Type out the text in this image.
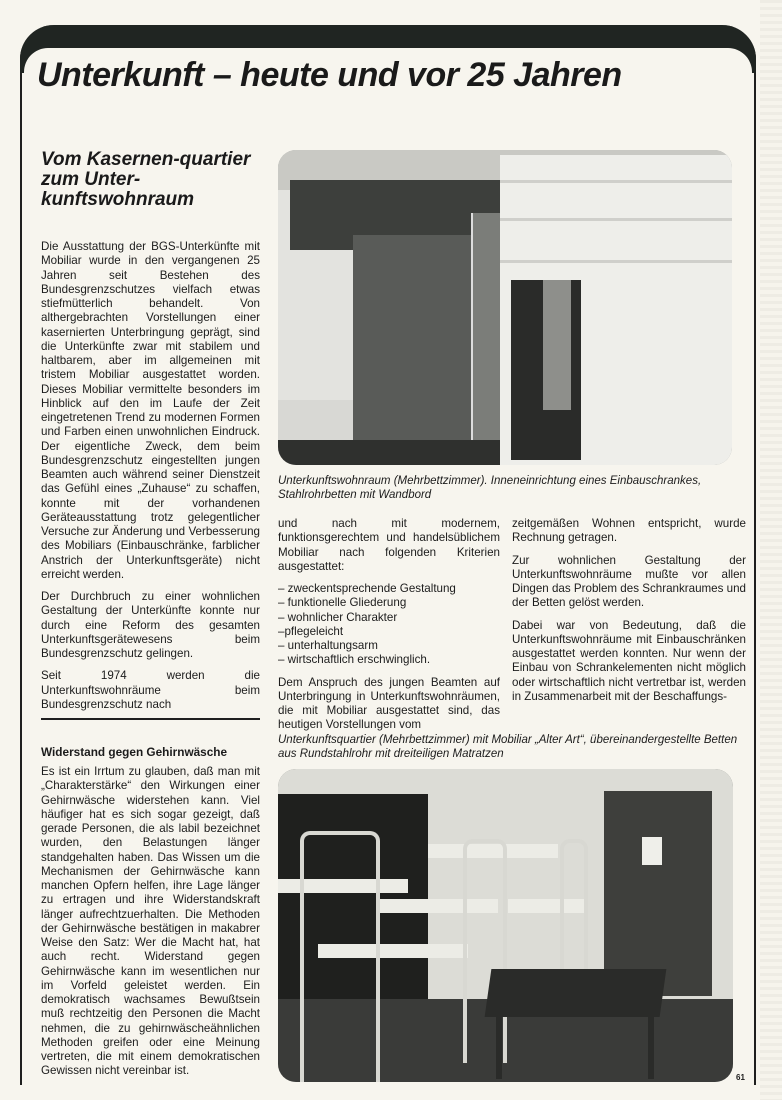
Unterkunft – heute und vor 25 Jahren
Vom Kasernen-quartier zum Unter-kunftswohnraum

Die Ausstattung der BGS-Unterkünfte mit Mobiliar wurde in den vergangenen 25 Jahren seit Bestehen des Bundesgrenzschutzes vielfach etwas stiefmütterlich behandelt. Von althergebrachten Vorstellungen einer kasernierten Unterbringung geprägt, sind die Unterkünfte zwar mit stabilem und haltbarem, aber im allgemeinen mit tristem Mobiliar ausgestattet worden. Dieses Mobiliar vermittelte besonders im Hinblick auf den im Laufe der Zeit eingetretenen Trend zu modernen Formen und Farben einen unwohnlichen Eindruck. Der eigentliche Zweck, dem beim Bundesgrenzschutz eingestellten jungen Beamten auch während seiner Dienstzeit das Gefühl eines „Zuhause“ zu schaffen, konnte mit der vorhandenen Geräteausstattung trotz gelegentlicher Versuche zur Änderung und Verbesserung des Mobiliars (Einbauschränke, farblicher Anstrich der Unterkunftsgeräte) nicht erreicht werden.

Der Durchbruch zu einer wohnlichen Gestaltung der Unterkünfte konnte nur durch eine Reform des gesamten Unterkunftsgerätewesens beim Bundesgrenzschutz gelingen.

Seit 1974 werden die Unterkunftswohnräume beim Bundesgrenzschutz nach

Widerstand gegen Gehirnwäsche

Es ist ein Irrtum zu glauben, daß man mit „Charakterstärke“ den Wirkungen einer Gehirnwäsche widerstehen kann. Viel häufiger hat es sich sogar gezeigt, daß gerade Personen, die als labil bezeichnet wurden, den Belastungen länger standgehalten haben. Das Wissen um die Mechanismen der Gehirnwäsche kann manchen Opfern helfen, ihre Lage länger zu ertragen und ihre Widerstandskraft länger aufrechtzuerhalten. Die Methoden der Gehirnwäsche bestätigen in makabrer Weise den Satz: Wer die Macht hat, hat auch recht. Widerstand gegen Gehirnwäsche kann im wesentlichen nur im Vorfeld geleistet werden. Ein demokratisch wachsames Bewußtsein muß rechtzeitig den Personen die Macht nehmen, die zu gehirnwäscheähnlichen Methoden greifen oder eine Meinung vertreten, die mit einem demokratischen Gewissen nicht vereinbar ist.

Unterkunftswohnraum (Mehrbettzimmer). Inneneinrichtung eines Einbauschrankes, Stahlrohrbetten mit Wandbord

und nach mit modernem, funktionsgerechtem und handelsüblichem Mobiliar nach folgenden Kriterien ausgestattet:

– zweckentsprechende Gestaltung
– funktionelle Gliederung
– wohnlicher Charakter
–pflegeleicht
– unterhaltungsarm
– wirtschaftlich erschwinglich.

Dem Anspruch des jungen Beamten auf Unterbringung in Unterkunftswohnräumen, die mit Mobiliar ausgestattet sind, das heutigen Vorstellungen vom

zeitgemäßen Wohnen entspricht, wurde Rechnung getragen.

Zur wohnlichen Gestaltung der Unterkunftswohnräume mußte vor allen Dingen das Problem des Schrankraumes und der Betten gelöst werden.

Dabei war von Bedeutung, daß die Unterkunftswohnräume mit Einbauschränken ausgestattet werden konnten. Nur wenn der Einbau von Schrankelementen nicht möglich oder wirtschaftlich nicht vertretbar ist, werden in Zusammenarbeit mit der Beschaffungs-

Unterkunftsquartier (Mehrbettzimmer) mit Mobiliar „Alter Art“, übereinandergestellte Betten aus Rundstahlrohr mit dreiteiligen Matratzen

61
